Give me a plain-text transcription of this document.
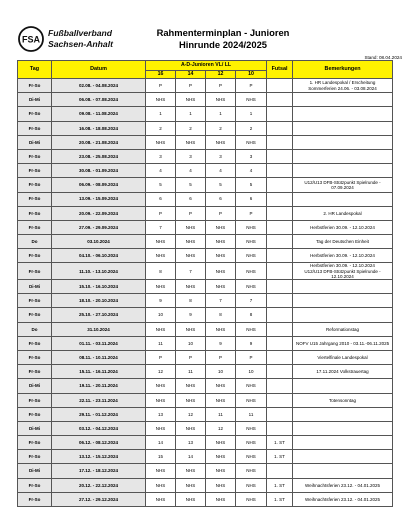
FSA
Fußballverband
Sachsen-Anhalt
Rahmenterminplan - Junioren
Hinrunde 2024/2025
Stand: 08.04.2024
Tag	Datum	A-D-Junioren VL/ LL				Futsal	Bemerkungen
		16	14	12	10		
Fr-So	02.08. - 04.08.2024	P	P	P	P		1. HR Landespokal / Erscheitung
Sommerferien 24.06. - 03.08.2024
Di-Mi	06.08. - 07.08.2024	NHS	NHS	NHS	NHS		
Fr-So	09.08. - 11.08.2024	1	1	1	1		
Fr-So	16.08. - 18.08.2024	2	2	2	2		
Di-Mi	20.08. - 21.08.2024	NHS	NHS	NHS	NHS		
Fr-So	23.08. - 25.08.2024	3	3	3	3		
Fr-So	30.08. - 01.09.2024	4	4	4	4		
Fr-So	06.09. - 08.09.2024	5	5	5	5		U12/U13 DFB-Stützpunkt Spielrunde - 07.09.2024
Fr-So	13.09. - 15.09.2024	6	6	6	6		
Fr-So	20.09. - 22.09.2024	P	P	P	P		2. HR Landespokal
Fr-So	27.09. - 29.09.2024	7	NHS	NHS	NHS		Herbstferien 30.09. - 12.10.2024
Do	03.10.2024	NHS	NHS	NHS	NHS		Tag der Deutschen Einheit
Fr-So	04.10. - 06.10.2024	NHS	NHS	NHS	NHS		Herbstferien 30.09. - 12.10.2024
Fr-So	11.10. - 13.10.2024	8	7	NHS	NHS		Herbstferien 30.09. - 12.10.2024
U12/U13 DFB-Stützpunkt Spielrunde - 12.10.2024
Di-Mi	15.10. - 16.10.2024	NHS	NHS	NHS	NHS		
Fr-So	18.10. - 20.10.2024	9	8	7	7		
Fr-So	25.10. - 27.10.2024	10	9	8	8		
Do	31.10.2024	NHS	NHS	NHS	NHS		Reformationstag
Fr-So	01.11. - 03.11.2024	11	10	9	9		NOFV U15 Jahrgang 2010 - 03.11.-06.11.2025
Fr-So	08.11. - 10.11.2024	P	P	P	P		Viertelfinale Landespokal
Fr-So	15.11. - 16.11.2024	12	11	10	10		17.11.2024 Volkstrauertag
Di-Mi	19.11. - 20.11.2024	NHS	NHS	NHS	NHS		
Fr-So	22.11. - 23.11.2024	NHS	NHS	NHS	NHS		Totensonntag
Fr-So	29.11. - 01.12.2024	13	12	11	11		
Di-Mi	03.12. - 04.12.2024	NHS	NHS	12	NHS		
Fr-So	06.12. - 08.12.2024	14	13	NHS	NHS	1. ST	
Fr-So	13.12. - 15.12.2024	15	14	NHS	NHS	1. ST	
Di-Mi	17.12. - 18.12.2024	NHS	NHS	NHS	NHS		
Fr-So	20.12. - 22.12.2024	NHS	NHS	NHS	NHS	1. ST	Weihnachtsferien 23.12. - 04.01.2025
Fr-So	27.12. - 29.12.2024	NHS	NHS	NHS	NHS	1. ST	Weihnachtsferien 23.12. - 04.01.2025
